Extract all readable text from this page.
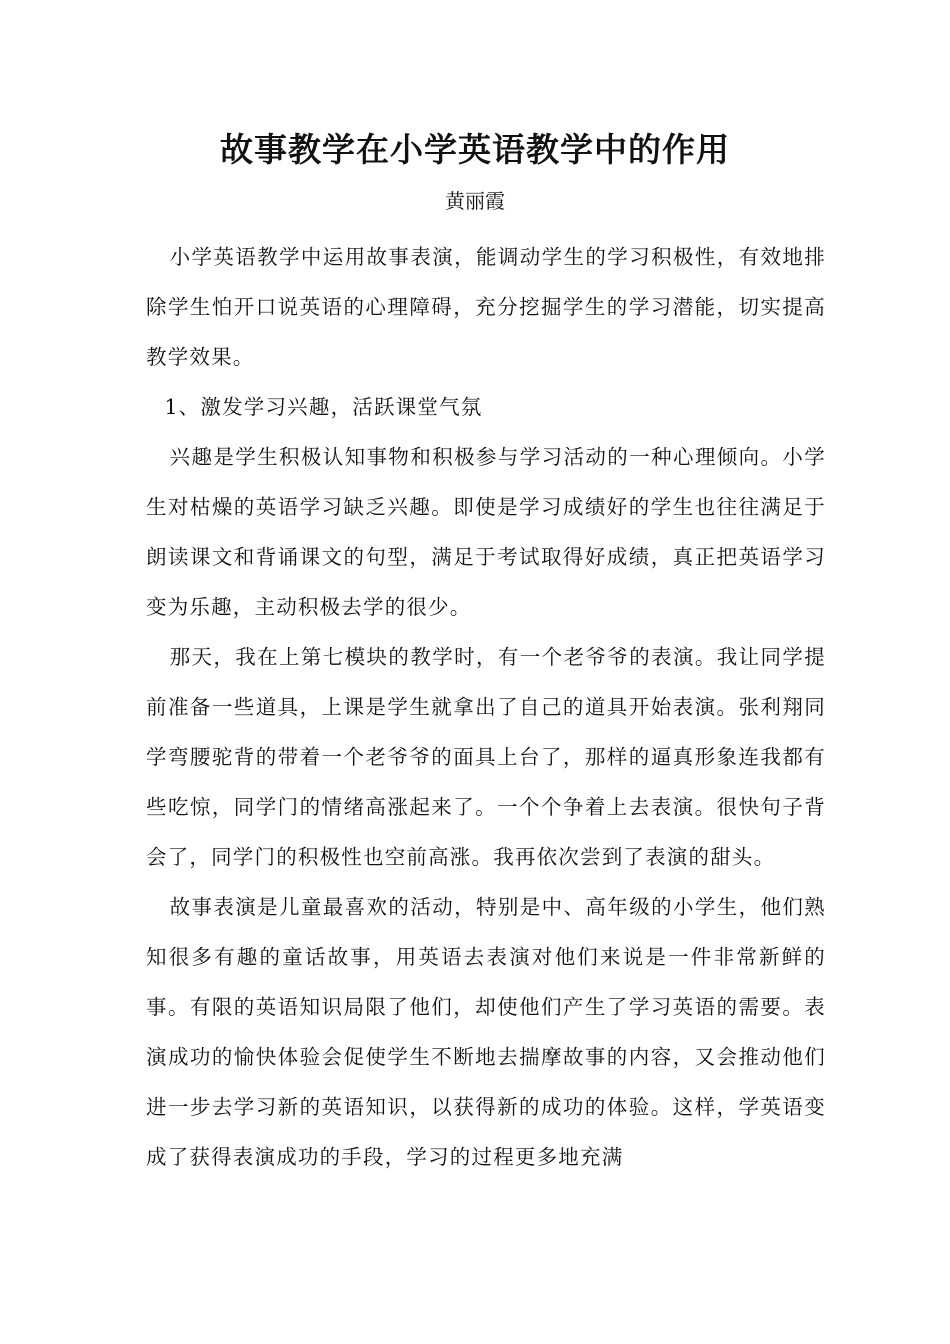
故事教学在小学英语教学中的作用
黄丽霞

小学英语教学中运用故事表演，能调动学生的学习积极性，有效地排除学生怕开口说英语的心理障碍，充分挖掘学生的学习潜能，切实提高教学效果。

1、激发学习兴趣，活跃课堂气氛

兴趣是学生积极认知事物和积极参与学习活动的一种心理倾向。小学生对枯燥的英语学习缺乏兴趣。即使是学习成绩好的学生也往往满足于朗读课文和背诵课文的句型，满足于考试取得好成绩，真正把英语学习变为乐趣，主动积极去学的很少。

那天，我在上第七模块的教学时，有一个老爷爷的表演。我让同学提前准备一些道具，上课是学生就拿出了自己的道具开始表演。张利翔同学弯腰驼背的带着一个老爷爷的面具上台了，那样的逼真形象连我都有些吃惊，同学门的情绪高涨起来了。一个个争着上去表演。很快句子背会了，同学门的积极性也空前高涨。我再依次尝到了表演的甜头。

故事表演是儿童最喜欢的活动，特别是中、高年级的小学生，他们熟知很多有趣的童话故事，用英语去表演对他们来说是一件非常新鲜的事。有限的英语知识局限了他们，却使他们产生了学习英语的需要。表演成功的愉快体验会促使学生不断地去揣摩故事的内容，又会推动他们进一步去学习新的英语知识，以获得新的成功的体验。这样，学英语变成了获得表演成功的手段，学习的过程更多地充满
